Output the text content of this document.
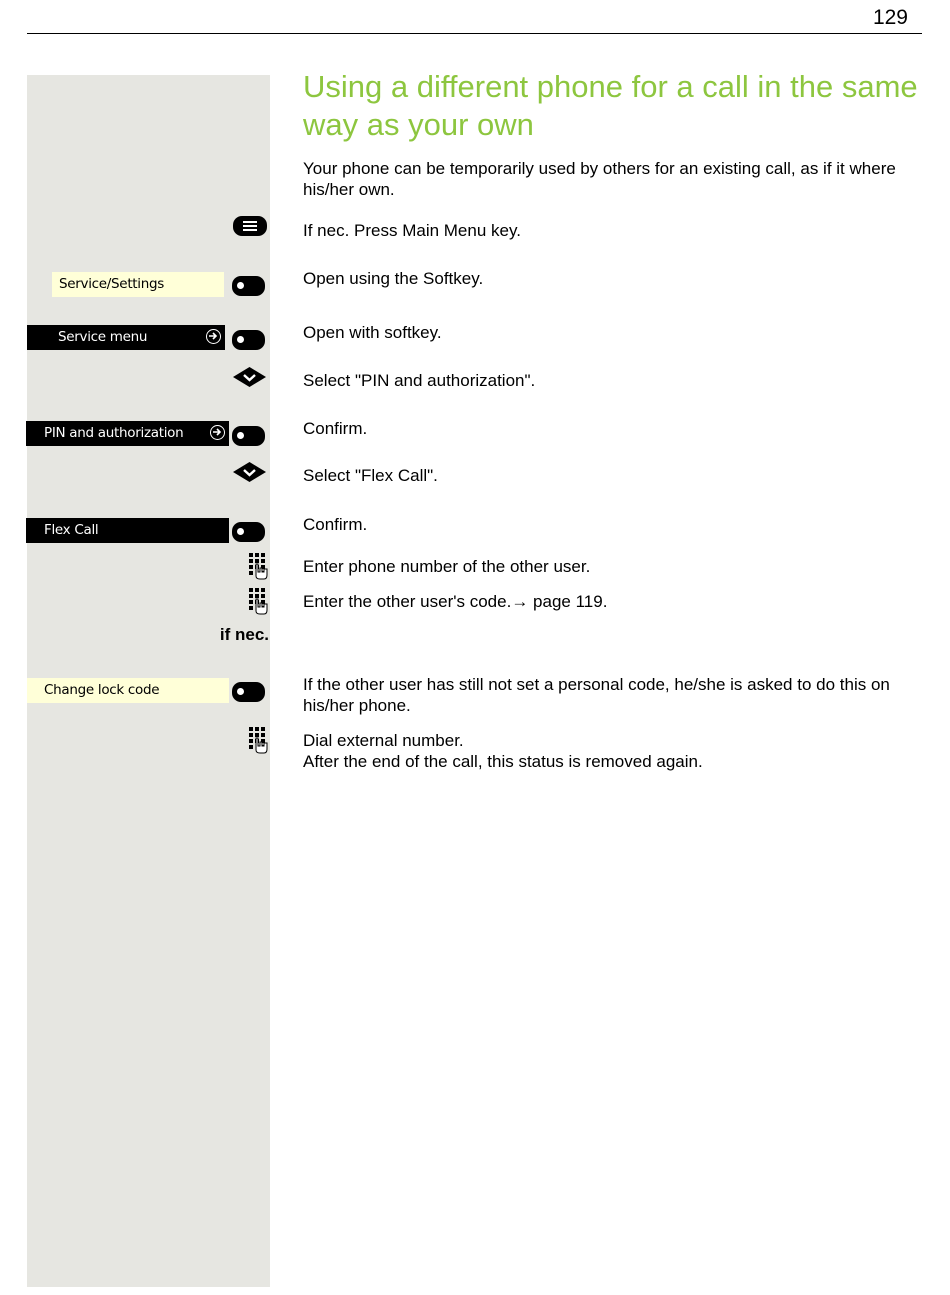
129
Using a different phone for a call in the same way as your own

Your phone can be temporarily used by others for an existing call, as if it where his/her own.

If nec. Press Main Menu key.

Service/Settings	Open using the Softkey.

Service menu	Open with softkey.

Select "PIN and authorization".

PIN and authorization	Confirm.

Select "Flex Call".

Flex Call	Confirm.

Enter phone number of the other user.

Enter the other user's code.→ page 119.

if nec.
Change lock code	If the other user has still not set a personal code, he/she is asked to do this on his/her phone.

Dial external number.

After the end of the call, this status is removed again.
